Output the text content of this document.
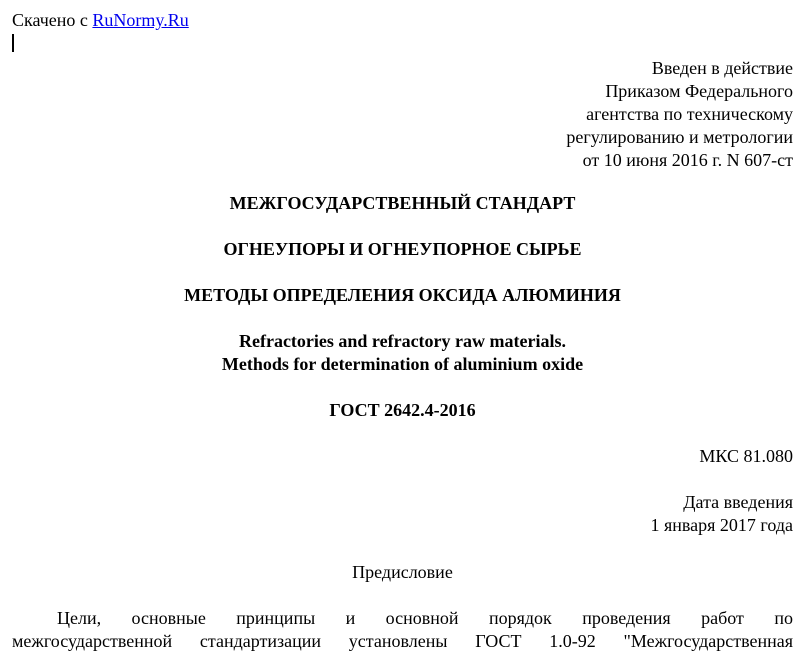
Скачено с RuNormy.Ru
Введен в действие
Приказом Федерального
агентства по техническому
регулированию и метрологии
от 10 июня 2016 г. N 607-ст
МЕЖГОСУДАРСТВЕННЫЙ СТАНДАРТ
ОГНЕУПОРЫ И ОГНЕУПОРНОЕ СЫРЬЕ
МЕТОДЫ ОПРЕДЕЛЕНИЯ ОКСИДА АЛЮМИНИЯ
Refractories and refractory raw materials.
Methods for determination of aluminium oxide
ГОСТ 2642.4-2016
МКС 81.080
Дата введения
1 января 2017 года
Предисловие
Цели, основные принципы и основной порядок проведения работ по
межгосударственной стандартизации установлены ГОСТ 1.0-92 "Межгосударственная
